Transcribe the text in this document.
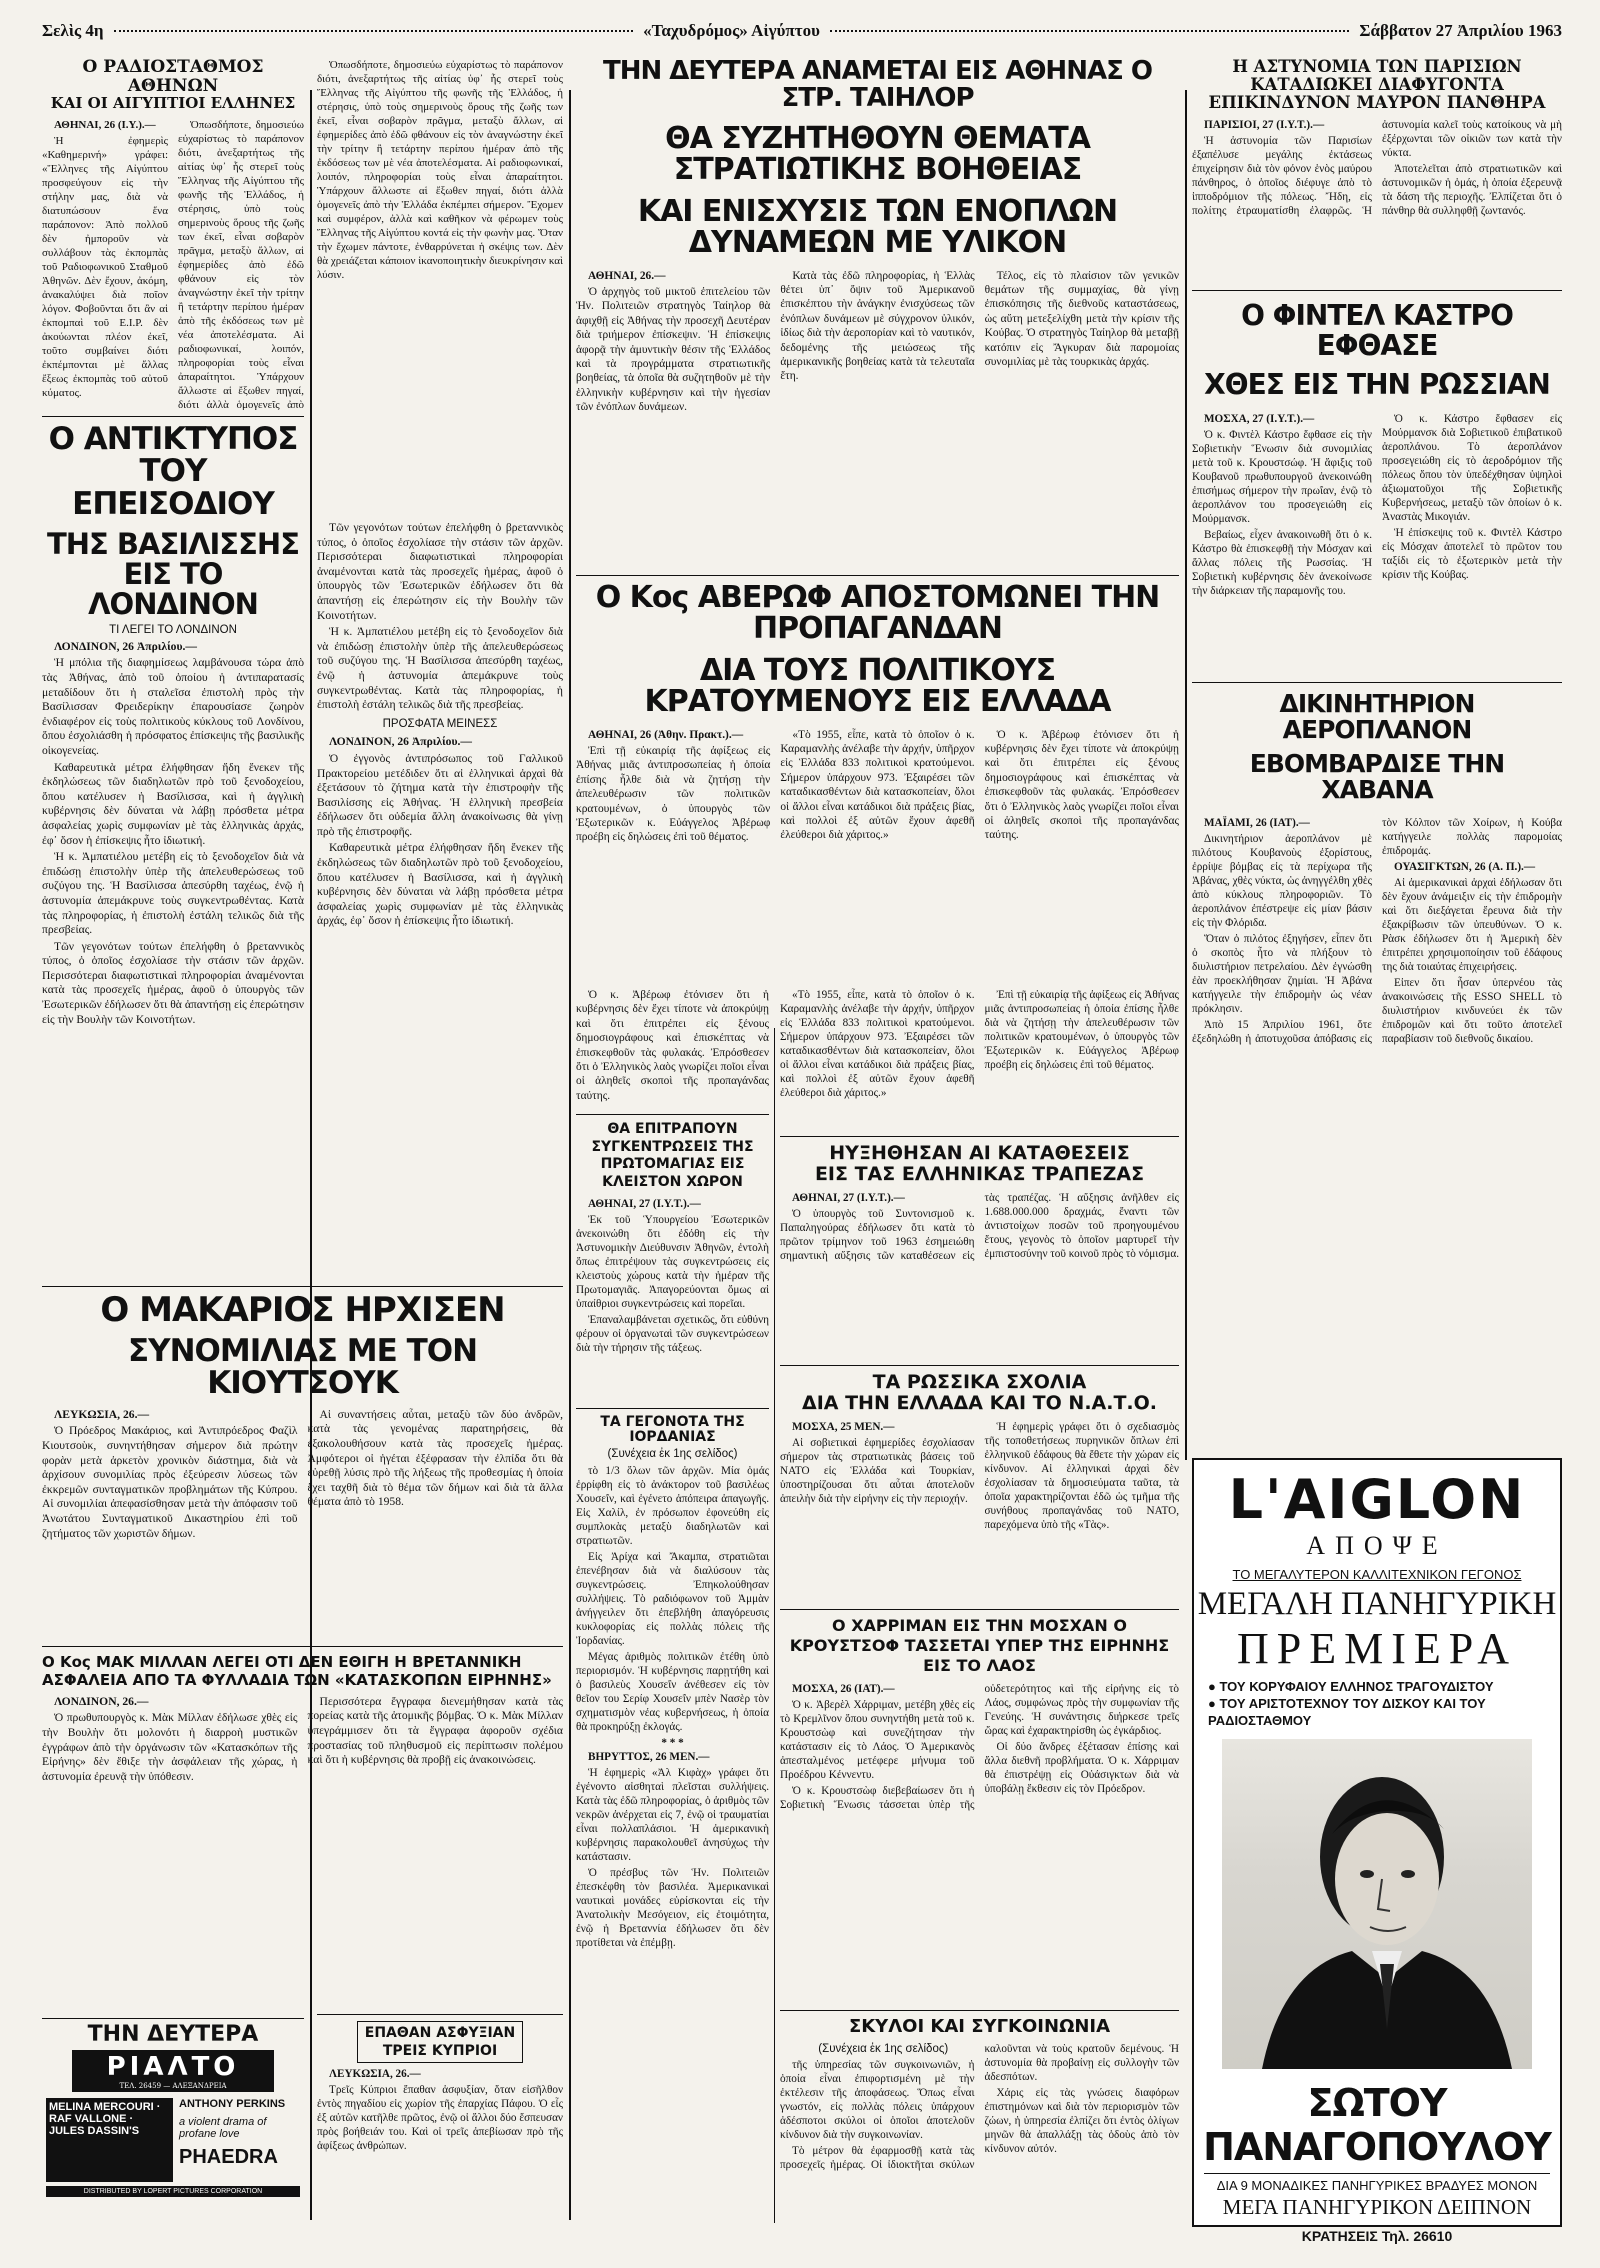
Σελὶς 4η	«Ταχυδρόμος» Αἰγύπτου	Σάββατον 27 Ἀπριλίου 1963
Ο ΡΑΔΙΟΣΤΑΘΜΟΣ ΑΘΗΝΩΝ
ΚΑΙ ΟΙ ΑΙΓΥΠΤΙΟΙ ΕΛΛΗΝΕΣ

ΑΘΗΝΑΙ, 26 (Ι.Υ.).—

Ἡ ἐφημερὶς «Καθημερινή» γράφει: «Ἕλληνες τῆς Αἰγύπτου προσφεύγουν εἰς τὴν στήλην μας, διὰ νὰ διατυπώσουν ἕνα παράπονον: Ἀπὸ πολλοῦ δὲν ἠμποροῦν νὰ συλλάβουν τὰς ἐκπομπὰς τοῦ Ραδιοφωνικοῦ Σταθμοῦ Ἀθηνῶν. Δὲν ἔχουν, ἀκόμη, ἀνακαλύψει διὰ ποῖον λόγον. Φοβοῦνται ὅτι ἂν αἱ ἐκπομπαὶ τοῦ Ε.Ι.Ρ. δὲν ἀκούωνται πλέον ἐκεῖ, τοῦτο συμβαίνει διότι ἐκπέμπονται μὲ ἄλλας ἔξεως ἐκπομπὰς τοῦ αὐτοῦ κύματος.

Ὁπωσδήποτε, δημοσιεύω εὐχαρίστως τὸ παράπονον διότι, ἀνεξαρτήτως τῆς αἰτίας ὑφ᾽ ἧς στερεῖ τοὺς Ἕλληνας τῆς Αἰγύπτου τῆς φωνῆς τῆς Ἑλλάδος, ἡ στέρησις, ὑπὸ τοὺς σημερινοὺς ὅρους τῆς ζωῆς των ἐκεῖ, εἶναι σοβαρὸν πρᾶγμα, μεταξὺ ἄλλων, αἱ ἐφημερίδες ἀπὸ ἐδῶ φθάνουν εἰς τὸν ἀναγνώστην ἐκεῖ τὴν τρίτην ἢ τετάρτην περίπου ἡμέραν ἀπὸ τῆς ἐκδόσεως των μὲ νέα ἀποτελέσματα. Αἱ ραδιοφωνικαί, λοιπόν, πληροφορίαι τοὺς εἶναι ἀπαραίτητοι. Ὑπάρχουν ἄλλωστε αἱ ἔξωθεν πηγαί, διότι ἀλλὰ ὁμογενεῖς ἀπὸ

Ο ΑΝΤΙΚΤΥΠΟΣ ΤΟΥ ΕΠΕΙΣΟΔΙΟΥ
ΤΗΣ ΒΑΣΙΛΙΣΣΗΣ ΕΙΣ ΤΟ ΛΟΝΔΙΝΟΝ
ΤΙ ΛΕΓΕΙ ΤΟ ΛΟΝΔΙΝΟΝ

ΛΟΝΔΙΝΟΝ, 26 Ἀπριλίου.—

Ἡ μπόλια τῆς διαφημίσεως λαμβάνουσα τώρα ἀπὸ τὰς Ἀθήνας, ἀπὸ τοῦ ὁποίου ἡ ἀντιπαρατασίς μεταδίδουν ὅτι ἡ σταλεῖσα ἐπιστολὴ πρὸς τὴν Βασίλισσαν Φρειδερίκην ἐπαρουσίασε ζωηρὸν ἐνδιαφέρον εἰς τοὺς πολιτικοὺς κύκλους τοῦ Λονδίνου, ὅπου ἐσχολιάσθη ἡ πρόσφατος ἐπίσκεψις τῆς βασιλικῆς οἰκογενείας.

Καθαρευτικὰ μέτρα ἐλήφθησαν ἤδη ἕνεκεν τῆς ἐκδηλώσεως τῶν διαδηλωτῶν πρὸ τοῦ ξενοδοχείου, ὅπου κατέλυσεν ἡ Βασίλισσα, καὶ ἡ ἀγγλικὴ κυβέρνησις δὲν δύναται νὰ λάβῃ πρόσθετα μέτρα ἀσφαλείας χωρὶς συμφωνίαν μὲ τὰς ἑλληνικὰς ἀρχάς, ἐφ᾽ ὅσον ἡ ἐπίσκεψις ἦτο ἰδιωτική.

Ἡ κ. Ἀμπατιέλου μετέβη εἰς τὸ ξενοδοχεῖον διὰ νὰ ἐπιδώσῃ ἐπιστολὴν ὑπὲρ τῆς ἀπελευθερώσεως τοῦ συζύγου της. Ἡ Βασίλισσα ἀπεσύρθη ταχέως, ἐνῷ ἡ ἀστυνομία ἀπεμάκρυνε τοὺς συγκεντρωθέντας. Κατὰ τὰς πληροφορίας, ἡ ἐπιστολὴ ἐστάλη τελικῶς διὰ τῆς πρεσβείας.

Τῶν γεγονότων τούτων ἐπελήφθη ὁ βρεταννικὸς τύπος, ὁ ὁποῖος ἐσχολίασε τὴν στάσιν τῶν ἀρχῶν. Περισσότεραι διαφωτιστικαὶ πληροφορίαι ἀναμένονται κατὰ τὰς προσεχεῖς ἡμέρας, ἀφοῦ ὁ ὑπουργὸς τῶν Ἐσωτερικῶν ἐδήλωσεν ὅτι θὰ ἀπαντήσῃ εἰς ἐπερώτησιν εἰς τὴν Βουλὴν τῶν Κοινοτήτων.

Ὁπωσδήποτε, δημοσιεύω εὐχαρίστως τὸ παράπονον διότι, ἀνεξαρτήτως τῆς αἰτίας ὑφ᾽ ἧς στερεῖ τοὺς Ἕλληνας τῆς Αἰγύπτου τῆς φωνῆς τῆς Ἑλλάδος, ἡ στέρησις, ὑπὸ τοὺς σημερινοὺς ὅρους τῆς ζωῆς των ἐκεῖ, εἶναι σοβαρὸν πρᾶγμα, μεταξὺ ἄλλων, αἱ ἐφημερίδες ἀπὸ ἐδῶ φθάνουν εἰς τὸν ἀναγνώστην ἐκεῖ τὴν τρίτην ἢ τετάρτην περίπου ἡμέραν ἀπὸ τῆς ἐκδόσεως των μὲ νέα ἀποτελέσματα. Αἱ ραδιοφωνικαί, λοιπόν, πληροφορίαι τοὺς εἶναι ἀπαραίτητοι. Ὑπάρχουν ἄλλωστε αἱ ἔξωθεν πηγαί, διότι ἀλλὰ ὁμογενεῖς ἀπὸ τὴν Ἑλλάδα ἐκπέμπει σήμερον. Ἔχομεν καὶ συμφέρον, ἀλλὰ καὶ καθῆκον νὰ φέρωμεν τοὺς Ἕλληνας τῆς Αἰγύπτου κοντά εἰς τὴν φωνὴν μας. Ὅταν τὴν ἔχωμεν πάντοτε, ἐνθαρρύνεται ἡ σκέψις των. Δὲν θὰ χρειάζεται κάποιον ἱκανοποιητικὴν διευκρίνησιν καὶ λύσιν.

Τῶν γεγονότων τούτων ἐπελήφθη ὁ βρεταννικὸς τύπος, ὁ ὁποῖος ἐσχολίασε τὴν στάσιν τῶν ἀρχῶν. Περισσότεραι διαφωτιστικαὶ πληροφορίαι ἀναμένονται κατὰ τὰς προσεχεῖς ἡμέρας, ἀφοῦ ὁ ὑπουργὸς τῶν Ἐσωτερικῶν ἐδήλωσεν ὅτι θὰ ἀπαντήσῃ εἰς ἐπερώτησιν εἰς τὴν Βουλὴν τῶν Κοινοτήτων.

Ἡ κ. Ἀμπατιέλου μετέβη εἰς τὸ ξενοδοχεῖον διὰ νὰ ἐπιδώσῃ ἐπιστολὴν ὑπὲρ τῆς ἀπελευθερώσεως τοῦ συζύγου της. Ἡ Βασίλισσα ἀπεσύρθη ταχέως, ἐνῷ ἡ ἀστυνομία ἀπεμάκρυνε τοὺς συγκεντρωθέντας. Κατὰ τὰς πληροφορίας, ἡ ἐπιστολὴ ἐστάλη τελικῶς διὰ τῆς πρεσβείας.

ΠΡΟΣΦΑΤΑ ΜΕΙΝΕΣΣ

ΛΟΝΔΙΝΟΝ, 26 Ἀπριλίου.—

Ὁ ἐγγονὸς ἀντιπρόσωπος τοῦ Γαλλικοῦ Πρακτορείου μετέδιδεν ὅτι αἱ ἑλληνικαὶ ἀρχαὶ θὰ ἐξετάσουν τὸ ζήτημα κατὰ τὴν ἐπιστροφὴν τῆς Βασιλίσσης εἰς Ἀθήνας. Ἡ ἑλληνικὴ πρεσβεία ἐδήλωσεν ὅτι οὐδεμία ἄλλη ἀνακοίνωσις θὰ γίνῃ πρὸ τῆς ἐπιστροφῆς.

Καθαρευτικὰ μέτρα ἐλήφθησαν ἤδη ἕνεκεν τῆς ἐκδηλώσεως τῶν διαδηλωτῶν πρὸ τοῦ ξενοδοχείου, ὅπου κατέλυσεν ἡ Βασίλισσα, καὶ ἡ ἀγγλικὴ κυβέρνησις δὲν δύναται νὰ λάβῃ πρόσθετα μέτρα ἀσφαλείας χωρὶς συμφωνίαν μὲ τὰς ἑλληνικὰς ἀρχάς, ἐφ᾽ ὅσον ἡ ἐπίσκεψις ἦτο ἰδιωτική.

Ο ΜΑΚΑΡΙΟΣ ΗΡΧΙΣΕΝ
ΣΥΝΟΜΙΛΙΑΣ ΜΕ ΤΟΝ ΚΙΟΥΤΣΟΥΚ

ΛΕΥΚΩΣΙΑ, 26.—

Ὁ Πρόεδρος Μακάριος, καὶ Ἀντιπρόεδρος Φαζὶλ Κιουτσοὺκ, συνηντήθησαν σήμερον διὰ πρώτην φορὰν μετὰ ἀρκετὸν χρονικὸν διάστημα, διὰ νὰ ἀρχίσουν συνομιλίας πρὸς ἐξεύρεσιν λύσεως τῶν ἐκκρεμῶν συνταγματικῶν προβλημάτων τῆς Κύπρου. Αἱ συνομιλίαι ἀπεφασίσθησαν μετὰ τὴν ἀπόφασιν τοῦ Ἀνωτάτου Συνταγματικοῦ Δικαστηρίου ἐπὶ τοῦ ζητήματος τῶν χωριστῶν δήμων.

Αἱ συναντήσεις αὗται, μεταξὺ τῶν δύο ἀνδρῶν, κατὰ τὰς γενομένας παρατηρήσεις, θὰ ἐξακολουθήσουν κατὰ τὰς προσεχεῖς ἡμέρας. Ἀμφότεροι οἱ ἡγέται ἐξέφρασαν τὴν ἐλπίδα ὅτι θὰ εὑρεθῇ λύσις πρὸ τῆς λήξεως τῆς προθεσμίας ἡ ὁποία ἔχει ταχθῆ διὰ τὸ θέμα τῶν δήμων καὶ διὰ τὰ ἄλλα θέματα ἀπὸ τὸ 1958.

Ο Κος ΜΑΚ ΜΙΛΛΑΝ ΛΕΓΕΙ ΟΤΙ ΔΕΝ ΕΘΙΓΗ Η ΒΡΕΤΑΝΝΙΚΗ ΑΣΦΑΛΕΙΑ ΑΠΟ ΤΑ ΦΥΛΛΑΔΙΑ ΤΩΝ «ΚΑΤΑΣΚΟΠΩΝ ΕΙΡΗΝΗΣ»

ΛΟΝΔΙΝΟΝ, 26.—

Ὁ πρωθυπουργὸς κ. Μὰκ Μίλλαν ἐδήλωσε χθὲς εἰς τὴν Βουλὴν ὅτι μολονότι ἡ διαρροὴ μυστικῶν ἐγγράφων ἀπὸ τὴν ὀργάνωσιν τῶν «Κατασκόπων τῆς Εἰρήνης» δὲν ἔθιξε τὴν ἀσφάλειαν τῆς χώρας, ἡ ἀστυνομία ἐρευνᾷ τὴν ὑπόθεσιν.

Περισσότερα ἔγγραφα διενεμήθησαν κατὰ τὰς πορείας κατὰ τῆς ἀτομικῆς βόμβας. Ὁ κ. Μὰκ Μίλλαν ὑπεγράμμισεν ὅτι τὰ ἔγγραφα ἀφοροῦν σχέδια προστασίας τοῦ πληθυσμοῦ εἰς περίπτωσιν πολέμου καὶ ὅτι ἡ κυβέρνησις θὰ προβῇ εἰς ἀνακοινώσεις.

ΤΗΝ ΔΕΥΤΕΡΑ
ΡΙΑΛΤΟ
ΤΕΛ. 26459 — ΑΛΕΞΑΝΔΡΕΙΑ
MELINA MERCOURI · RAF VALLONE · JULES DASSIN'S
ANTHONY PERKINS
a violent drama of profane love
PHAEDRA
DISTRIBUTED BY LOPERT PICTURES CORPORATION
ΤΗΝ ΔΕΥΤΕΡΑ ΑΝΑΜΕΤΑΙ ΕΙΣ ΑΘΗΝΑΣ Ο ΣΤΡ. ΤΑΙΗΛΟΡ
ΘΑ ΣΥΖΗΤΗΘΟΥΝ ΘΕΜΑΤΑ ΣΤΡΑΤΙΩΤΙΚΗΣ ΒΟΗΘΕΙΑΣ
ΚΑΙ ΕΝΙΣΧΥΣΙΣ ΤΩΝ ΕΝΟΠΛΩΝ ΔΥΝΑΜΕΩΝ ΜΕ ΥΛΙΚΟΝ

ΑΘΗΝΑΙ, 26.—

Ὁ ἀρχηγὸς τοῦ μικτοῦ ἐπιτελείου τῶν Ἡν. Πολιτειῶν στρατηγὸς Ταίηλορ θὰ ἀφιχθῇ εἰς Ἀθήνας τὴν προσεχῆ Δευτέραν διὰ τριήμερον ἐπίσκεψιν. Ἡ ἐπίσκεψις ἀφορᾷ τὴν ἀμυντικὴν θέσιν τῆς Ἑλλάδος καὶ τὰ προγράμματα στρατιωτικῆς βοηθείας, τὰ ὁποῖα θὰ συζητηθοῦν μὲ τὴν ἑλληνικὴν κυβέρνησιν καὶ τὴν ἡγεσίαν τῶν ἐνόπλων δυνάμεων.

Κατὰ τὰς ἐδῶ πληροφορίας, ἡ Ἑλλὰς θέτει ὑπ᾽ ὄψιν τοῦ Ἀμερικανοῦ ἐπισκέπτου τὴν ἀνάγκην ἐνισχύσεως τῶν ἐνόπλων δυνάμεων μὲ σύγχρονον ὑλικόν, ἰδίως διὰ τὴν ἀεροπορίαν καὶ τὸ ναυτικόν, δεδομένης τῆς μειώσεως τῆς ἀμερικανικῆς βοηθείας κατὰ τὰ τελευταῖα ἔτη.

Τέλος, εἰς τὸ πλαίσιον τῶν γενικῶν θεμάτων τῆς συμμαχίας, θὰ γίνῃ ἐπισκόπησις τῆς διεθνοῦς καταστάσεως, ὡς αὕτη μετεξελίχθη μετὰ τὴν κρίσιν τῆς Κούβας. Ὁ στρατηγὸς Ταίηλορ θὰ μεταβῇ κατόπιν εἰς Ἄγκυραν διὰ παρομοίας συνομιλίας μὲ τὰς τουρκικὰς ἀρχάς.

Ο Κος ΑΒΕΡΩΦ ΑΠΟΣΤΟΜΩΝΕΙ ΤΗΝ ΠΡΟΠΑΓΑΝΔΑΝ
ΔΙΑ ΤΟΥΣ ΠΟΛΙΤΙΚΟΥΣ ΚΡΑΤΟΥΜΕΝΟΥΣ ΕΙΣ ΕΛΛΑΔΑ

ΑΘΗΝΑΙ, 26 (Ἀθην. Πρακτ.).—

Ἐπὶ τῇ εὐκαιρίᾳ τῆς ἀφίξεως εἰς Ἀθήνας μιᾶς ἀντιπροσωπείας ἡ ὁποία ἐπίσης ἦλθε διὰ νὰ ζητήσῃ τὴν ἀπελευθέρωσιν τῶν πολιτικῶν κρατουμένων, ὁ ὑπουργὸς τῶν Ἐξωτερικῶν κ. Εὐάγγελος Ἀβέρωφ προέβη εἰς δηλώσεις ἐπὶ τοῦ θέματος.

«Τὸ 1955, εἶπε, κατὰ τὸ ὁποῖον ὁ κ. Καραμανλὴς ἀνέλαβε τὴν ἀρχήν, ὑπῆρχον εἰς Ἑλλάδα 833 πολιτικοὶ κρατούμενοι. Σήμερον ὑπάρχουν 973. Ἐξαιρέσει τῶν καταδικασθέντων διὰ κατασκοπείαν, ὅλοι οἱ ἄλλοι εἶναι κατάδικοι διὰ πράξεις βίας, καὶ πολλοὶ ἐξ αὐτῶν ἔχουν ἀφεθῆ ἐλεύθεροι διὰ χάριτος.»

Ὁ κ. Ἀβέρωφ ἐτόνισεν ὅτι ἡ κυβέρνησις δὲν ἔχει τίποτε νὰ ἀποκρύψῃ καὶ ὅτι ἐπιτρέπει εἰς ξένους δημοσιογράφους καὶ ἐπισκέπτας νὰ ἐπισκεφθοῦν τὰς φυλακάς. Ἐπρόσθεσεν ὅτι ὁ Ἐλληνικὸς λαὸς γνωρίζει ποῖοι εἶναι οἱ ἀληθεῖς σκοποὶ τῆς προπαγάνδας ταύτης.

Ὁ κ. Ἀβέρωφ ἐτόνισεν ὅτι ἡ κυβέρνησις δὲν ἔχει τίποτε νὰ ἀποκρύψῃ καὶ ὅτι ἐπιτρέπει εἰς ξένους δημοσιογράφους καὶ ἐπισκέπτας νὰ ἐπισκεφθοῦν τὰς φυλακάς. Ἐπρόσθεσεν ὅτι ὁ Ἐλληνικὸς λαὸς γνωρίζει ποῖοι εἶναι οἱ ἀληθεῖς σκοποὶ τῆς προπαγάνδας ταύτης.

ΘΑ ΕΠΙΤΡΑΠΟΥΝ ΣΥΓΚΕΝΤΡΩΣΕΙΣ ΤΗΣ ΠΡΩΤΟΜΑΓΙΑΣ ΕΙΣ ΚΛΕΙΣΤΟΝ ΧΩΡΟΝ

ΑΘΗΝΑΙ, 27 (Ι.Υ.Τ.).—

Ἐκ τοῦ Ὑπουργείου Ἐσωτερικῶν ἀνεκοινώθη ὅτι ἐδόθη εἰς τὴν Ἀστυνομικὴν Διεύθυνσιν Ἀθηνῶν, ἐντολὴ ὅπως ἐπιτρέψουν τὰς συγκεντρώσεις εἰς κλειστοὺς χώρους κατὰ τὴν ἡμέραν τῆς Πρωτομαγιᾶς. Ἀπαγορεύονται ὅμως αἱ ὑπαίθριοι συγκεντρώσεις καὶ πορεῖαι.

Ἐπαναλαμβάνεται σχετικῶς, ὅτι εὐθύνη φέρουν οἱ ὀργανωταὶ τῶν συγκεντρώσεων διὰ τὴν τήρησιν τῆς τάξεως.

ΤΑ ΓΕΓΟΝΟΤΑ ΤΗΣ ΙΟΡΔΑΝΙΑΣ
(Συνέχεια ἐκ 1ης σελίδος)

τὸ 1/3 ὅλων τῶν ἀρχῶν. Μία ὁμάς ἐρρίφθη εἰς τὸ ἀνάκτορον τοῦ βασιλέως Χουσεΐν, καὶ ἐγένετο ἀπόπειρα ἀπαγωγῆς. Εἰς Χαλίλ, ἐν πρόσωπον ἐφονεύθη εἰς συμπλοκὰς μεταξὺ διαδηλωτῶν καὶ στρατιωτῶν.

Εἰς Ἀρίχα καὶ Ἄκαμπα, στρατιῶται ἐπενέβησαν διὰ νὰ διαλύσουν τὰς συγκεντρώσεις. Ἐπηκολούθησαν συλλήψεις. Τὸ ραδιόφωνον τοῦ Ἀμμὰν ἀνήγγειλεν ὅτι ἐπεβλήθη ἀπαγόρευσις κυκλοφορίας εἰς πολλὰς πόλεις τῆς Ἰορδανίας.

Μέγας ἀριθμὸς πολιτικῶν ἐτέθη ὑπὸ περιορισμόν. Ἡ κυβέρνησις παρῃτήθη καὶ ὁ βασιλεὺς Χουσεΐν ἀνέθεσεν εἰς τὸν θεῖον του Σερίφ Χουσεΐν μπὲν Νασὲρ τὸν σχηματισμὸν νέας κυβερνήσεως, ἡ ὁποία θὰ προκηρύξῃ ἐκλογάς.

* * *

ΒΗΡΥΤΤΟΣ, 26 ΜΕΝ.—

Ἡ ἐφημερὶς «Ἀλ Κιφὰχ» γράφει ὅτι ἐγένοντο αἰσθηταὶ πλεῖσται συλλήψεις. Κατὰ τὰς ἐδῶ πληροφορίας, ὁ ἀριθμὸς τῶν νεκρῶν ἀνέρχεται εἰς 7, ἐνῷ οἱ τραυματίαι εἶναι πολλαπλάσιοι. Ἡ ἀμερικανικὴ κυβέρνησις παρακολουθεῖ ἀνησύχως τὴν κατάστασιν.

Ὁ πρέσβυς τῶν Ἡν. Πολιτειῶν ἐπεσκέφθη τὸν βασιλέα. Ἀμερικανικαὶ ναυτικαὶ μονάδες εὑρίσκονται εἰς τὴν Ἀνατολικὴν Μεσόγειον, εἰς ἐτοιμότητα, ἐνῷ ἡ Βρεταννία ἐδήλωσεν ὅτι δὲν προτίθεται νὰ ἐπέμβῃ.

«Τὸ 1955, εἶπε, κατὰ τὸ ὁποῖον ὁ κ. Καραμανλὴς ἀνέλαβε τὴν ἀρχήν, ὑπῆρχον εἰς Ἑλλάδα 833 πολιτικοὶ κρατούμενοι. Σήμερον ὑπάρχουν 973. Ἐξαιρέσει τῶν καταδικασθέντων διὰ κατασκοπείαν, ὅλοι οἱ ἄλλοι εἶναι κατάδικοι διὰ πράξεις βίας, καὶ πολλοὶ ἐξ αὐτῶν ἔχουν ἀφεθῆ ἐλεύθεροι διὰ χάριτος.»

Ἐπὶ τῇ εὐκαιρίᾳ τῆς ἀφίξεως εἰς Ἀθήνας μιᾶς ἀντιπροσωπείας ἡ ὁποία ἐπίσης ἦλθε διὰ νὰ ζητήσῃ τὴν ἀπελευθέρωσιν τῶν πολιτικῶν κρατουμένων, ὁ ὑπουργὸς τῶν Ἐξωτερικῶν κ. Εὐάγγελος Ἀβέρωφ προέβη εἰς δηλώσεις ἐπὶ τοῦ θέματος.

ΗΥΞΗΘΗΣΑΝ ΑΙ ΚΑΤΑΘΕΣΕΙΣ
ΕΙΣ ΤΑΣ ΕΛΛΗΝΙΚΑΣ ΤΡΑΠΕΖΑΣ

ΑΘΗΝΑΙ, 27 (Ι.Υ.Τ.).—

Ὁ ὑπουργὸς τοῦ Συντονισμοῦ κ. Παπαληγούρας ἐδήλωσεν ὅτι κατὰ τὸ πρῶτον τρίμηνον τοῦ 1963 ἐσημειώθη σημαντικὴ αὔξησις τῶν καταθέσεων εἰς τὰς τραπέζας. Ἡ αὔξησις ἀνῆλθεν εἰς 1.688.000.000 δραχμάς, ἔναντι τῶν ἀντιστοίχων ποσῶν τοῦ προηγουμένου ἔτους, γεγονὸς τὸ ὁποῖον μαρτυρεῖ τὴν ἐμπιστοσύνην τοῦ κοινοῦ πρὸς τὸ νόμισμα.

ΤΑ ΡΩΣΣΙΚΑ ΣΧΟΛΙΑ
ΔΙΑ ΤΗΝ ΕΛΛΑΔΑ ΚΑΙ ΤΟ Ν.Α.Τ.Ο.

ΜΟΣΧΑ, 25 ΜΕΝ.—

Αἱ σοβιετικαὶ ἐφημερίδες ἐσχολίασαν σήμερον τὰς στρατιωτικὰς βάσεις τοῦ ΝΑΤΟ εἰς Ἑλλάδα καὶ Τουρκίαν, ὑποστηρίζουσαι ὅτι αὗται ἀποτελοῦν ἀπειλὴν διὰ τὴν εἰρήνην εἰς τὴν περιοχήν.

Ἡ ἐφημερὶς γράφει ὅτι ὁ σχεδιασμὸς τῆς τοποθετήσεως πυρηνικῶν ὅπλων ἐπὶ ἑλληνικοῦ ἐδάφους θὰ ἔθετε τὴν χώραν εἰς κίνδυνον. Αἱ ἑλληνικαὶ ἀρχαὶ δὲν ἐσχολίασαν τὰ δημοσιεύματα ταῦτα, τὰ ὁποῖα χαρακτηρίζονται ἐδῶ ὡς τμῆμα τῆς συνήθους προπαγάνδας τοῦ ΝΑΤΟ, παρεχόμενα ὑπὸ τῆς «Τὰς».

Ο ΧΑΡΡΙΜΑΝ ΕΙΣ ΤΗΝ ΜΟΣΧΑΝ Ο ΚΡΟΥΣΤΣΟΦ ΤΑΣΣΕΤΑΙ ΥΠΕΡ ΤΗΣ ΕΙΡΗΝΗΣ ΕΙΣ ΤΟ ΛΑΟΣ

ΜΟΣΧΑ, 26 (ΙΑΤ).—

Ὁ κ. Ἀβερὲλ Χάρριμαν, μετέβη χθὲς εἰς τὸ Κρεμλῖνον ὅπου συνηντήθη μετὰ τοῦ κ. Κρουστσὼφ καὶ συνεζήτησαν τὴν κατάστασιν εἰς τὸ Λάος. Ὁ Ἀμερικανὸς ἀπεσταλμένος μετέφερε μήνυμα τοῦ Προέδρου Κέννεντυ.

Ὁ κ. Κρουστσὼφ διεβεβαίωσεν ὅτι ἡ Σοβιετικὴ Ἕνωσις τάσσεται ὑπὲρ τῆς οὐδετερότητος καὶ τῆς εἰρήνης εἰς τὸ Λάος, συμφώνως πρὸς τὴν συμφωνίαν τῆς Γενεύης. Ἡ συνάντησις διήρκεσε τρεῖς ὥρας καὶ ἐχαρακτηρίσθη ὡς ἐγκάρδιος.

Οἱ δύο ἄνδρες ἐξέτασαν ἐπίσης καὶ ἄλλα διεθνῆ προβλήματα. Ὁ κ. Χάρριμαν θὰ ἐπιστρέψῃ εἰς Οὐάσιγκτων διὰ νὰ ὑποβάλῃ ἔκθεσιν εἰς τὸν Πρόεδρον.

ΣΚΥΛΟΙ ΚΑΙ ΣΥΓΚΟΙΝΩΝΙΑ

(Συνέχεια ἐκ 1ης σελίδος)

τῆς ὑπηρεσίας τῶν συγκοινωνιῶν, ἡ ὁποία εἶναι ἐπιφορτισμένη μὲ τὴν ἐκτέλεσιν τῆς ἀποφάσεως. Ὅπως εἶναι γνωστόν, εἰς πολλὰς πόλεις ὑπάρχουν ἀδέσποτοι σκύλοι οἱ ὁποῖοι ἀποτελοῦν κίνδυνον διὰ τὴν συγκοινωνίαν.

Τὸ μέτρον θὰ ἐφαρμοσθῇ κατὰ τὰς προσεχεῖς ἡμέρας. Οἱ ἰδιοκτῆται σκύλων καλοῦνται νὰ τοὺς κρατοῦν δεμένους. Ἡ ἀστυνομία θὰ προβαίνῃ εἰς συλλογὴν τῶν ἀδεσπότων.

Χάρις εἰς τὰς γνώσεις διαφόρων ἐπιστημόνων καὶ διὰ τὸν περιορισμὸν τῶν ζώων, ἡ ὑπηρεσία ἐλπίζει ὅτι ἐντὸς ὀλίγων μηνῶν θὰ ἀπαλλάξῃ τὰς ὁδοὺς ἀπὸ τὸν κίνδυνον αὐτόν.

ΕΠΑΘΑΝ ΑΣΦΥΞΙΑΝ ΤΡΕΙΣ ΚΥΠΡΙΟΙ

ΛΕΥΚΩΣΙΑ, 26.—

Τρεῖς Κύπριοι ἔπαθαν ἀσφυξίαν, ὅταν εἰσῆλθον ἐντὸς πηγαδίου εἰς χωρίον τῆς ἐπαρχίας Πάφου. Ὁ εἷς ἐξ αὐτῶν κατῆλθε πρῶτος, ἐνῷ οἱ ἄλλοι δύο ἔσπευσαν πρὸς βοήθειάν του. Καὶ οἱ τρεῖς ἀπεβίωσαν πρὸ τῆς ἀφίξεως ἀνθρώπων.

Η ΑΣΤΥΝΟΜΙΑ ΤΩΝ ΠΑΡΙΣΙΩΝ
ΚΑΤΑΔΙΩΚΕΙ ΔΙΑΦΥΓΟΝΤΑ
ΕΠΙΚΙΝΔΥΝΟΝ ΜΑΥΡΟΝ ΠΑΝΘΗΡΑ

ΠΑΡΙΣΙΟΙ, 27 (Ι.Υ.Τ.).—

Ἡ ἀστυνομία τῶν Παρισίων ἐξαπέλυσε μεγάλης ἐκτάσεως ἐπιχείρησιν διὰ τὸν φόνον ἑνὸς μαύρου πάνθηρος, ὁ ὁποῖος διέφυγε ἀπὸ τὸ ἱπποδρόμιον τῆς πόλεως. Ἤδη, εἰς πολίτης ἐτραυματίσθη ἐλαφρῶς. Ἡ ἀστυνομία καλεῖ τοὺς κατοίκους νὰ μὴ ἐξέρχωνται τῶν οἰκιῶν των κατὰ τὴν νύκτα.

Ἀποτελεῖται ἀπὸ στρατιωτικῶν καὶ ἀστυνομικῶν ἡ ὁμάς, ἡ ὁποία ἐξερευνᾷ τὰ δάση τῆς περιοχῆς. Ἐλπίζεται ὅτι ὁ πάνθηρ θὰ συλληφθῇ ζωντανός.

Ο ΦΙΝΤΕΛ ΚΑΣΤΡΟ ΕΦΘΑΣΕ
ΧΘΕΣ ΕΙΣ ΤΗΝ ΡΩΣΣΙΑΝ

ΜΟΣΧΑ, 27 (Ι.Υ.Τ.).—

Ὁ κ. Φιντὲλ Κάστρο ἔφθασε εἰς τὴν Σοβιετικὴν Ἕνωσιν διὰ συνομιλίας μετὰ τοῦ κ. Κρουστσώφ. Ἡ ἄφιξις τοῦ Κουβανοῦ πρωθυπουργοῦ ἀνεκοινώθη ἐπισήμως σήμερον τὴν πρωΐαν, ἐνῷ τὸ ἀεροπλάνον του προσεγειώθη εἰς Μούρμανσκ.

Βεβαίως, εἶχεν ἀνακοινωθῆ ὅτι ὁ κ. Κάστρο θὰ ἐπισκεφθῇ τὴν Μόσχαν καὶ ἄλλας πόλεις τῆς Ρωσσίας. Ἡ Σοβιετικὴ κυβέρνησις δὲν ἀνεκοίνωσε τὴν διάρκειαν τῆς παραμονῆς του.

Ὁ κ. Κάστρο ἔφθασεν εἰς Μούρμανσκ διὰ Σοβιετικοῦ ἐπιβατικοῦ ἀεροπλάνου. Τὸ ἀεροπλάνον προσεγειώθη εἰς τὸ ἀεροδρόμιον τῆς πόλεως ὅπου τὸν ὑπεδέχθησαν ὑψηλοὶ ἀξιωματοῦχοι τῆς Σοβιετικῆς Κυβερνήσεως, μεταξὺ τῶν ὁποίων ὁ κ. Ἀναστὰς Μικογιάν.

Ἡ ἐπίσκεψις τοῦ κ. Φιντὲλ Κάστρο εἰς Μόσχαν ἀποτελεῖ τὸ πρῶτον του ταξίδι εἰς τὸ ἐξωτερικὸν μετὰ τὴν κρίσιν τῆς Κούβας.

ΔΙΚΙΝΗΤΗΡΙΟΝ ΑΕΡΟΠΛΑΝΟΝ
ΕΒΟΜΒΑΡΔΙΣΕ ΤΗΝ ΧΑΒΑΝΑ

ΜΑΪΑΜΙ, 26 (ΙΑΤ).—

Δικινητήριον ἀεροπλάνον μὲ πιλότους Κουβανοὺς ἐξορίστους, ἐρρίψε βόμβας εἰς τὰ περίχωρα τῆς Ἀβάνας, χθὲς νύκτα, ὡς ἀνηγγέλθη χθὲς ἀπὸ κύκλους πληροφοριῶν. Τὸ ἀεροπλάνον ἐπέστρεψε εἰς μίαν βάσιν εἰς τὴν Φλόριδα.

Ὅταν ὁ πιλότος ἐξηγήσεν, εἶπεν ὅτι ὁ σκοπὸς ἦτο νὰ πλήξουν τὸ διυλιστήριον πετρελαίου. Δὲν ἐγνώσθη ἐὰν προεκλήθησαν ζημίαι. Ἡ Ἀβάνα κατήγγειλε τὴν ἐπιδρομὴν ὡς νέαν πρόκλησιν.

Ἀπὸ 15 Ἀπριλίου 1961, ὅτε ἐξεδηλώθη ἡ ἀποτυχοῦσα ἀπόβασις εἰς τὸν Κόλπον τῶν Χοίρων, ἡ Κούβα κατήγγειλε πολλὰς παρομοίας ἐπιδρομάς.

ΟΥΑΣΙΓΚΤΩΝ, 26 (Α. Π.).—

Αἱ ἀμερικανικαὶ ἀρχαὶ ἐδήλωσαν ὅτι δὲν ἔχουν ἀνάμειξιν εἰς τὴν ἐπιδρομὴν καὶ ὅτι διεξάγεται ἔρευνα διὰ τὴν ἐξακρίβωσιν τῶν ὑπευθύνων. Ὁ κ. Ρὰσκ ἐδήλωσεν ὅτι ἡ Ἀμερικὴ δὲν ἐπιτρέπει χρησιμοποίησιν τοῦ ἐδάφους της διὰ τοιαύτας ἐπιχειρήσεις.

Εἰπεν ὅτι ἦσαν ὑπερνέου τὰς ἀνακοινώσεις τῆς ESSO SHELL τὸ διυλιστήριον κινδυνεύει ἐκ τῶν ἐπιδρομῶν καὶ ὅτι τοῦτο ἀποτελεῖ παραβίασιν τοῦ διεθνοῦς δικαίου.

L'AIGLON
ΑΠΟΨΕ
ΤΟ ΜΕΓΑΛΥΤΕΡΟΝ ΚΑΛΛΙΤΕΧΝΙΚΟΝ ΓΕΓΟΝΟΣ
ΜΕΓΑΛΗ ΠΑΝΗΓΥΡΙΚΗ
ΠΡΕΜΙΕΡΑ
● ΤΟΥ ΚΟΡΥΦΑΙΟΥ ΕΛΛΗΝΟΣ ΤΡΑΓΟΥΔΙΣΤΟΥ
● ΤΟΥ ΑΡΙΣΤΟΤΕΧΝΟΥ ΤΟΥ ΔΙΣΚΟΥ ΚΑΙ ΤΟΥ ΡΑΔΙΟΣΤΑΘΜΟΥ
ΣΩΤΟΥ ΠΑΝΑΓΟΠΟΥΛΟΥ
ΔΙΑ 9 ΜΟΝΑΔΙΚΕΣ ΠΑΝΗΓΥΡΙΚΕΣ ΒΡΑΔΥΕΣ ΜΟΝΟΝ
ΜΕΓΑ ΠΑΝΗΓΥΡΙΚΟΝ ΔΕΙΠΝΟΝ
ΚΡΑΤΗΣΕΙΣ Τηλ. 26610
